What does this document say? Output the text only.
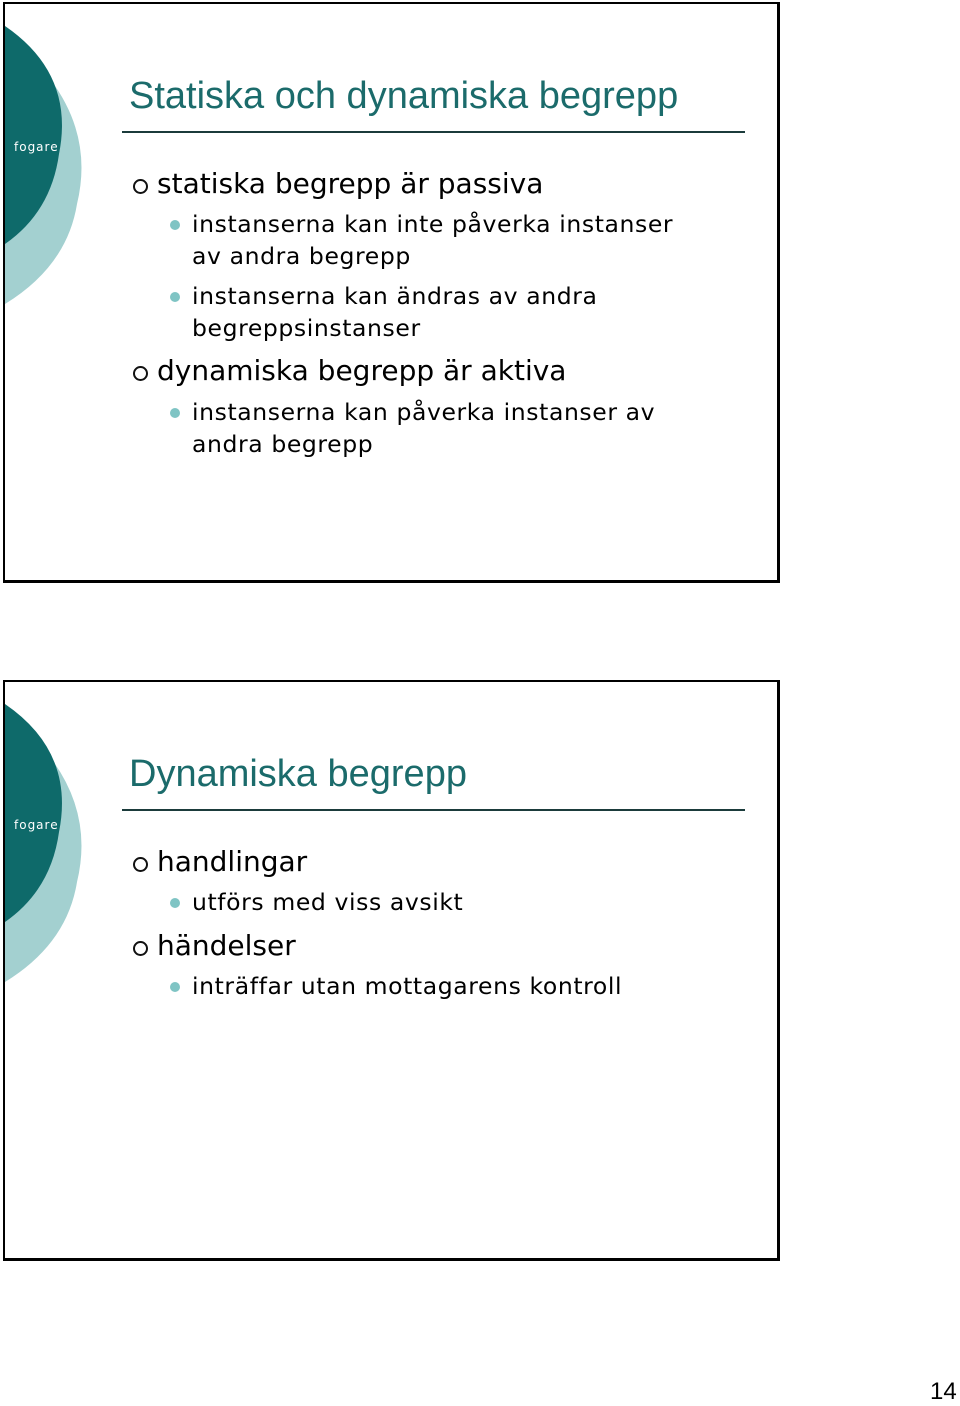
fogare
Statiska och dynamiska begrepp
statiska begrepp är passiva
instanserna kan inte påverka instanser
av andra begrepp
instanserna kan ändras av andra
begreppsinstanser
dynamiska begrepp är aktiva
instanserna kan påverka instanser av
andra begrepp
fogare
Dynamiska begrepp
handlingar
utförs med viss avsikt
händelser
inträffar utan mottagarens kontroll
14
